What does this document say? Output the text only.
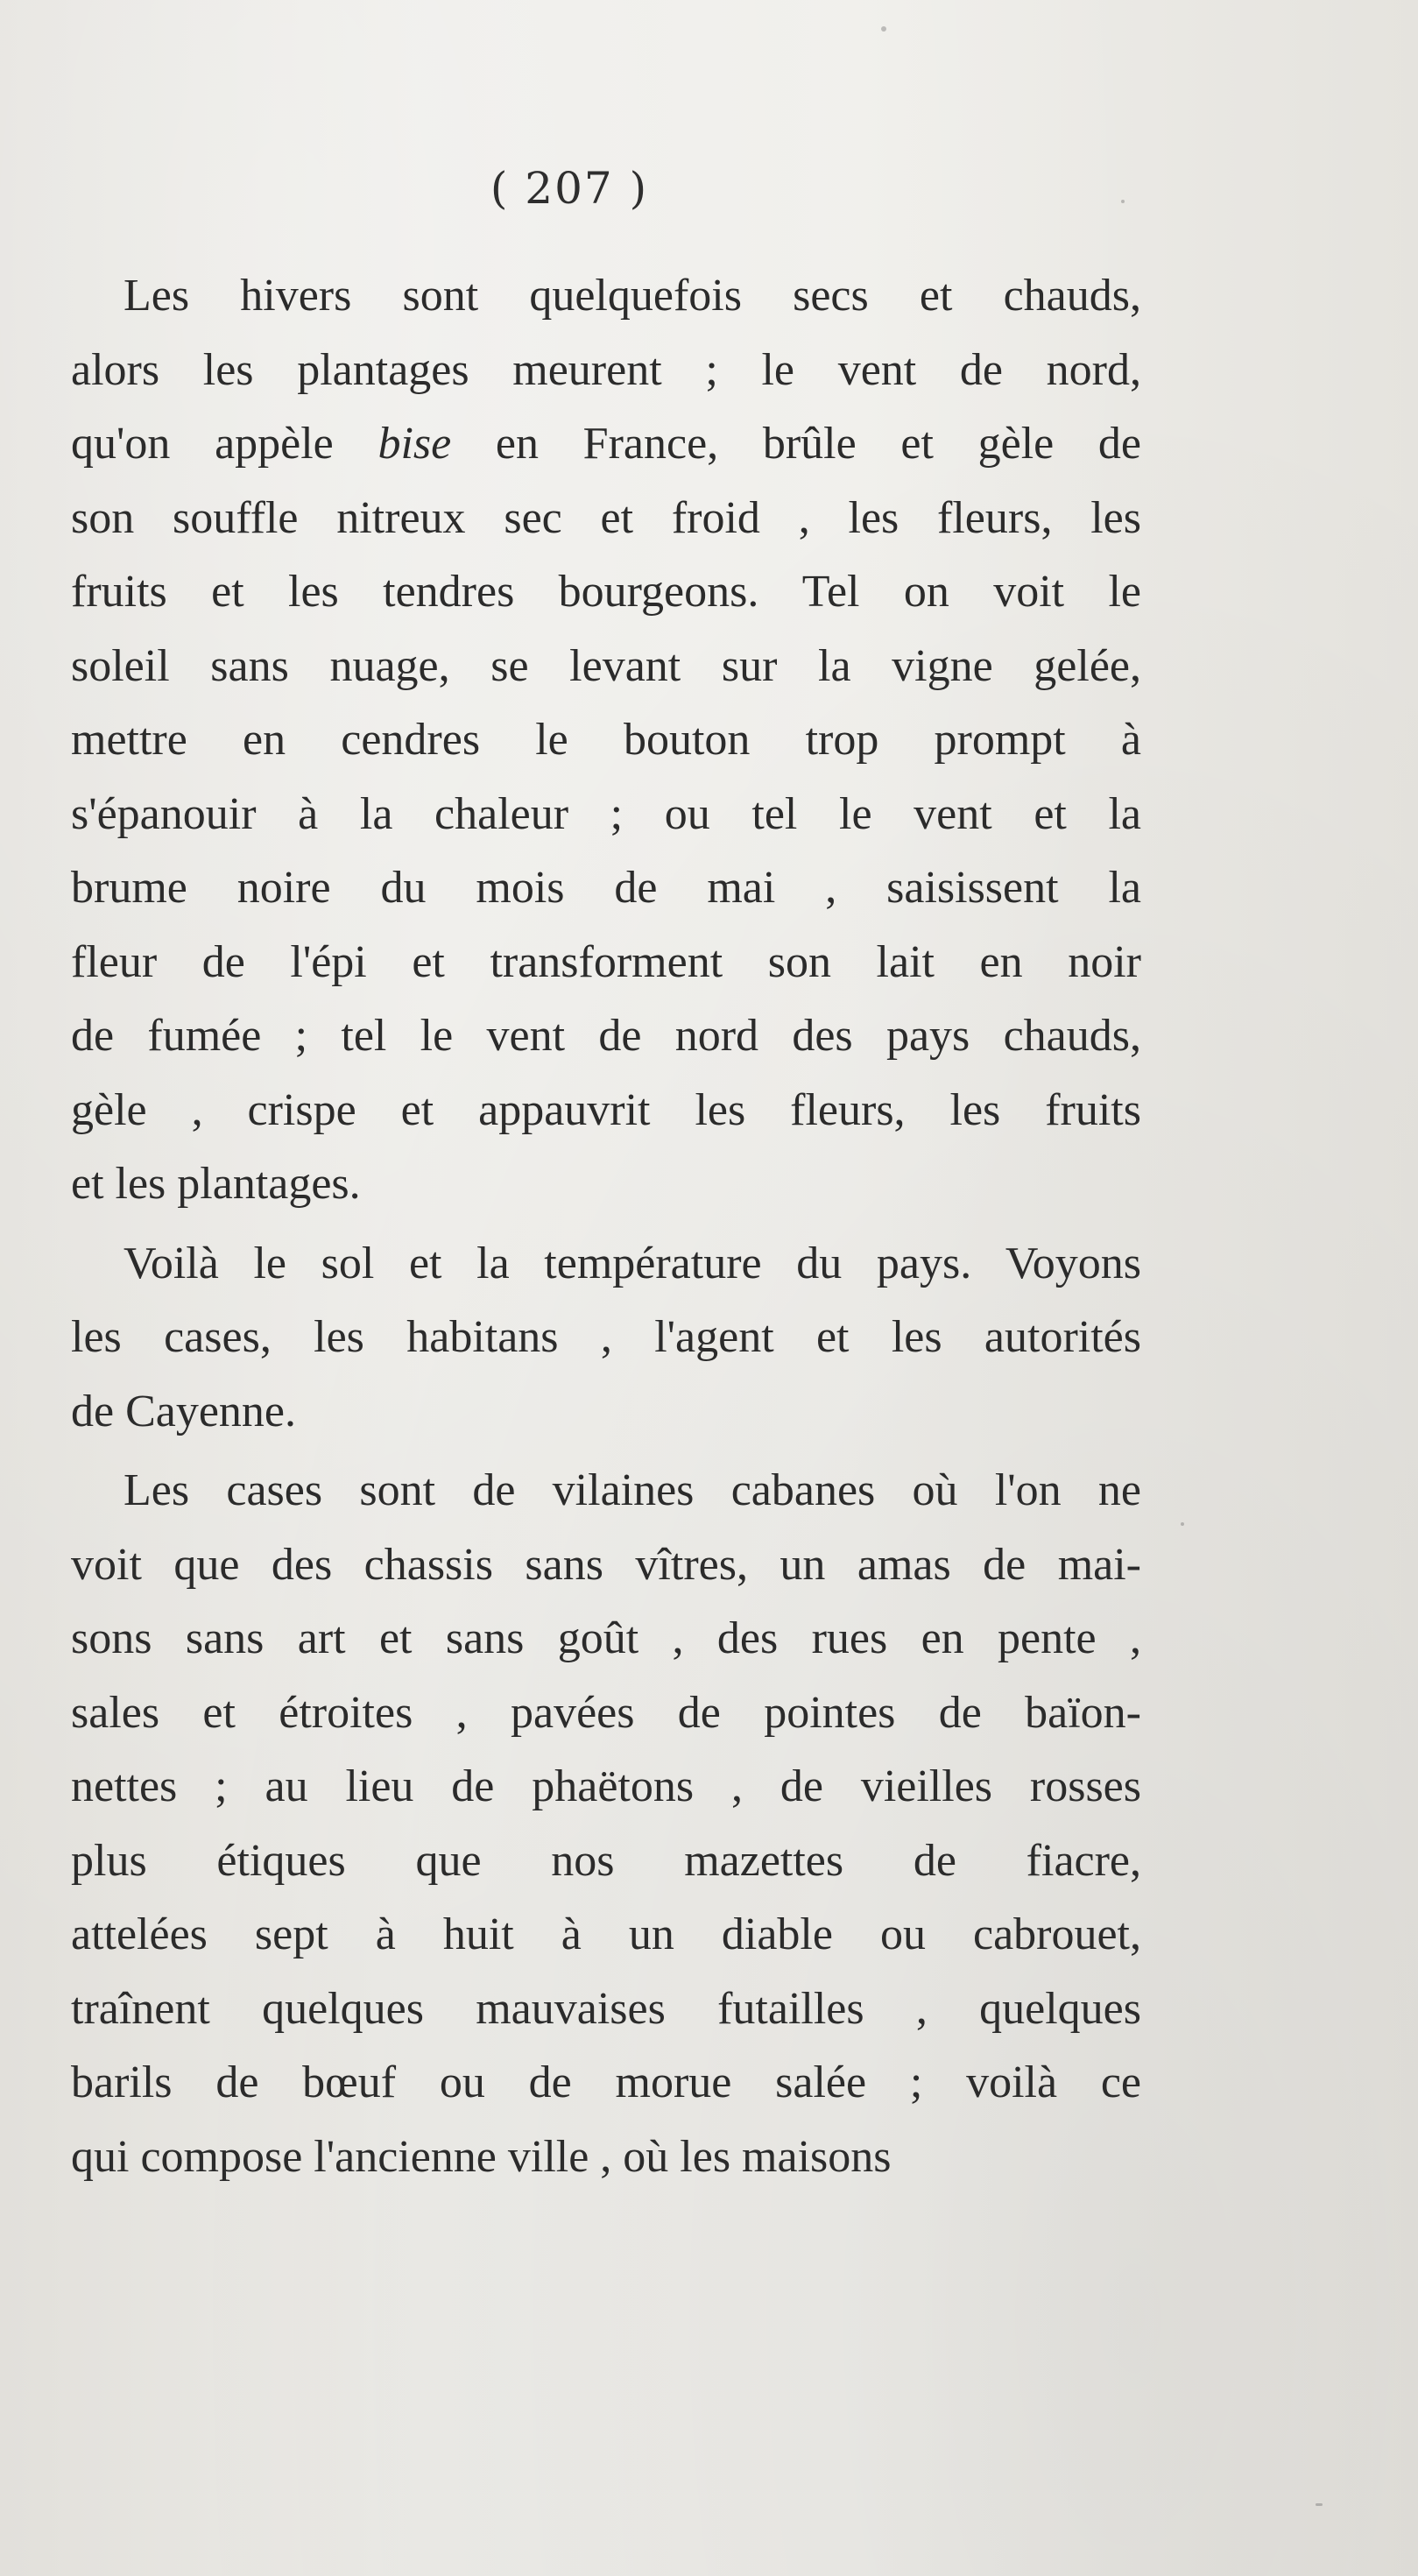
( 207 )
Les hivers sont quelquefois secs et chauds,
alors les plantages meurent ; le vent de nord,
qu'on appèle bise en France, brûle et gèle de
son souffle nitreux sec et froid , les fleurs, les
fruits et les tendres bourgeons. Tel on voit le
soleil sans nuage, se levant sur la vigne gelée,
mettre en cendres le bouton trop prompt à
s'épanouir à la chaleur ; ou tel le vent et la
brume noire du mois de mai , saisissent la
fleur de l'épi et transforment son lait en noir
de fumée ; tel le vent de nord des pays chauds,
gèle , crispe et appauvrit les fleurs, les fruits
et les plantages.
Voilà le sol et la température du pays. Voyons
les cases, les habitans , l'agent et les autorités
de Cayenne.
Les cases sont de vilaines cabanes où l'on ne
voit que des chassis sans vîtres, un amas de mai-
sons sans art et sans goût , des rues en pente ,
sales et étroites , pavées de pointes de baïon-
nettes ; au lieu de phaëtons , de vieilles rosses
plus étiques que nos mazettes de fiacre,
attelées sept à huit à un diable ou cabrouet,
traînent quelques mauvaises futailles , quelques
barils de bœuf ou de morue salée ; voilà ce
qui compose l'ancienne ville , où les maisons
